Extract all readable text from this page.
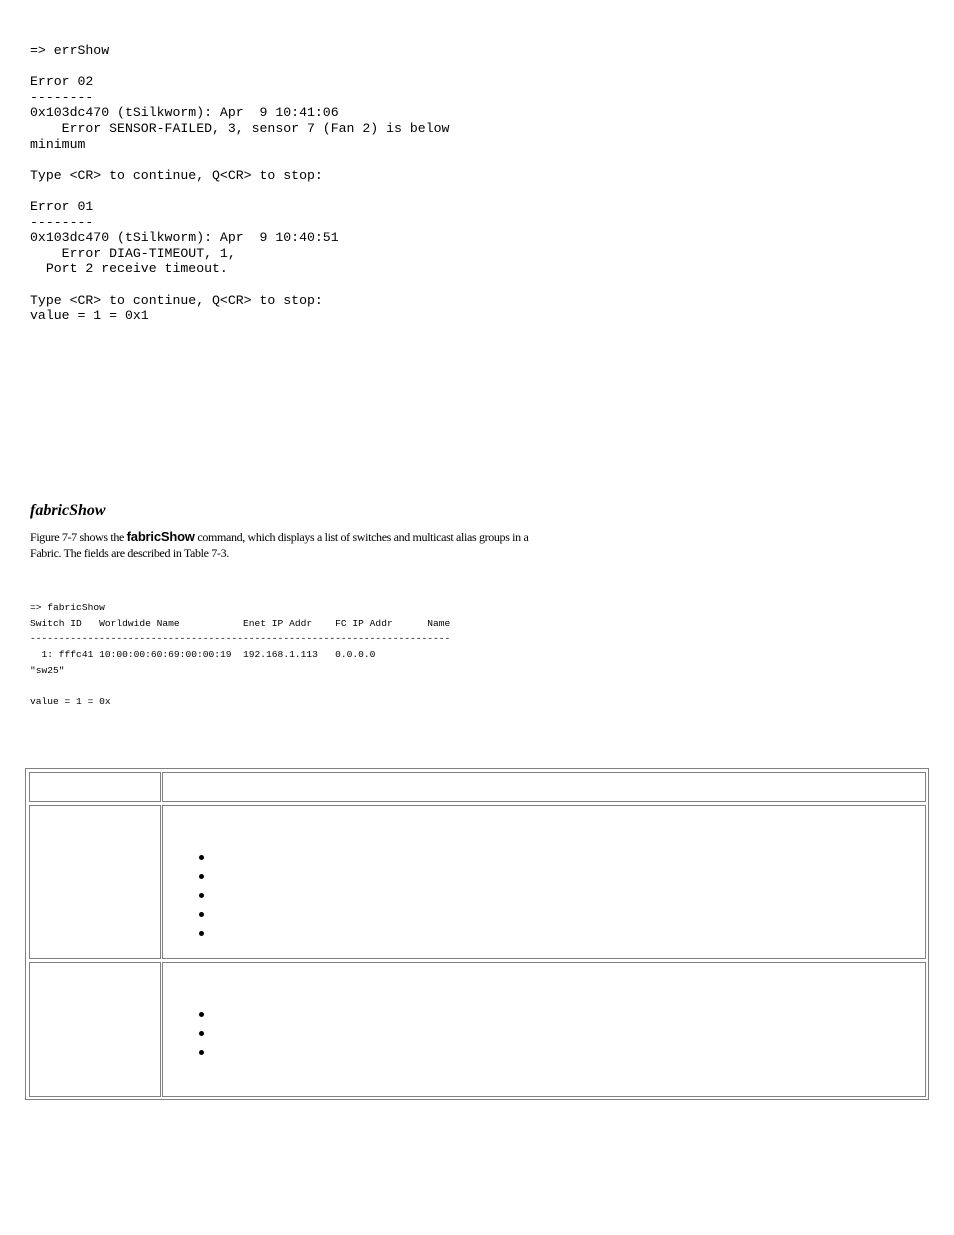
=> errShow

Error 02
--------
0x103dc470 (tSilkworm): Apr  9 10:41:06
Error SENSOR-FAILED, 3, sensor 7 (Fan 2) is below
minimum

Type <CR> to continue, Q<CR> to stop:

Error 01
--------
0x103dc470 (tSilkworm): Apr  9 10:40:51
Error DIAG-TIMEOUT, 1,
Port 2 receive timeout.

Type <CR> to continue, Q<CR> to stop:
value = 1 = 0x1
fabricShow

Figure 7-7 shows the fabricShow command, which displays a list of switches and multicast alias groups in a Fabric. The fields are described in Table 7-3.

=> fabricShow
Switch ID   Worldwide Name           Enet IP Addr    FC IP Addr      Name
-------------------------------------------------------------------------
1: fffc41 10:00:00:60:69:00:00:19  192.168.1.113   0.0.0.0
"sw25"

value = 1 = 0x
